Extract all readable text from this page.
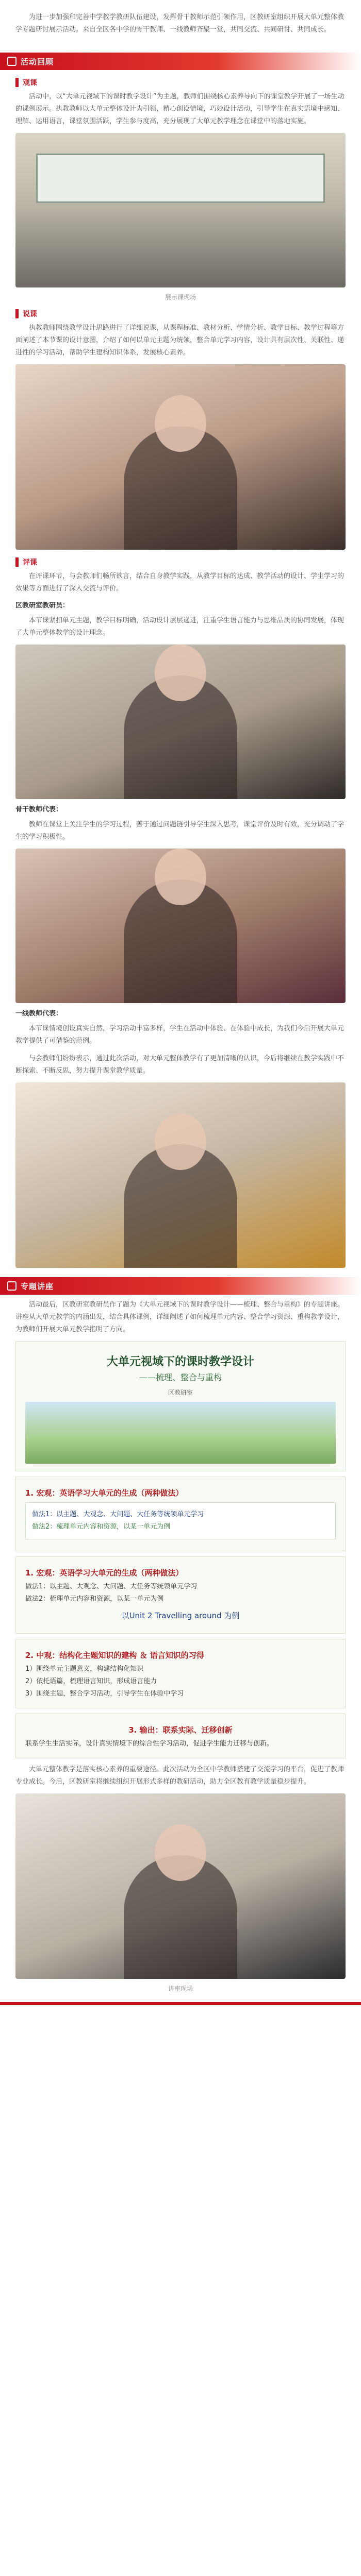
为进一步加强和完善中学教学教研队伍建设，发挥骨干教师示范引领作用，区教研室组织开展大单元整体教学专题研讨展示活动。来自全区各中学的骨干教师、一线教师齐聚一堂，共同交流、共同研讨、共同成长。

活动回顾
观课

活动中，以“大单元视域下的课时教学设计”为主题，教师们围绕核心素养导向下的课堂教学开展了一场生动的课例展示。执教教师以大单元整体设计为引领，精心创设情境，巧妙设计活动，引导学生在真实语境中感知、理解、运用语言，课堂氛围活跃，学生参与度高，充分展现了大单元教学理念在课堂中的落地实施。

展示课现场
说课

执教教师围绕教学设计思路进行了详细说课，从课程标准、教材分析、学情分析、教学目标、教学过程等方面阐述了本节课的设计意图，介绍了如何以单元主题为统领，整合单元学习内容，设计具有层次性、关联性、递进性的学习活动，帮助学生建构知识体系，发展核心素养。

评课

在评课环节，与会教师们畅所欲言，结合自身教学实践，从教学目标的达成、教学活动的设计、学生学习的效果等方面进行了深入交流与评价。

区教研室教研员：

本节课紧扣单元主题，教学目标明确，活动设计层层递进，注重学生语言能力与思维品质的协同发展，体现了大单元整体教学的设计理念。

骨干教师代表：

教师在课堂上关注学生的学习过程，善于通过问题链引导学生深入思考，课堂评价及时有效，充分调动了学生的学习积极性。

一线教师代表：

本节课情境创设真实自然，学习活动丰富多样，学生在活动中体验、在体验中成长，为我们今后开展大单元教学提供了可借鉴的范例。

与会教师们纷纷表示，通过此次活动，对大单元整体教学有了更加清晰的认识，今后将继续在教学实践中不断探索、不断反思，努力提升课堂教学质量。

专题讲座

活动最后，区教研室教研员作了题为《大单元视域下的课时教学设计——梳理、整合与重构》的专题讲座。讲座从大单元教学的内涵出发，结合具体课例，详细阐述了如何梳理单元内容、整合学习资源、重构教学设计，为教师们开展大单元教学指明了方向。

大单元视域下的课时教学设计
——梳理、整合与重构
区教研室
1. 宏观：英语学习大单元的生成（两种做法）
做法1：以主题、大观念、大问题、大任务等统领单元学习
做法2：梳理单元内容和资源，以某一单元为例
1. 宏观：英语学习大单元的生成（两种做法）
做法1：以主题、大观念、大问题、大任务等统领单元学习
做法2：梳理单元内容和资源，以某一单元为例
以Unit 2 Travelling around 为例
2. 中观：结构化主题知识的建构 ＆ 语言知识的习得
1）围绕单元主题意义，构建结构化知识
2）依托语篇，梳理语言知识，形成语言能力
3）围绕主题，整合学习活动，引导学生在体验中学习
3. 输出：联系实际、迁移创新
联系学生生活实际，设计真实情境下的综合性学习活动，促进学生能力迁移与创新。

大单元整体教学是落实核心素养的重要途径。此次活动为全区中学教师搭建了交流学习的平台，促进了教师专业成长。今后，区教研室将继续组织开展形式多样的教研活动，助力全区教育教学质量稳步提升。

讲座现场
